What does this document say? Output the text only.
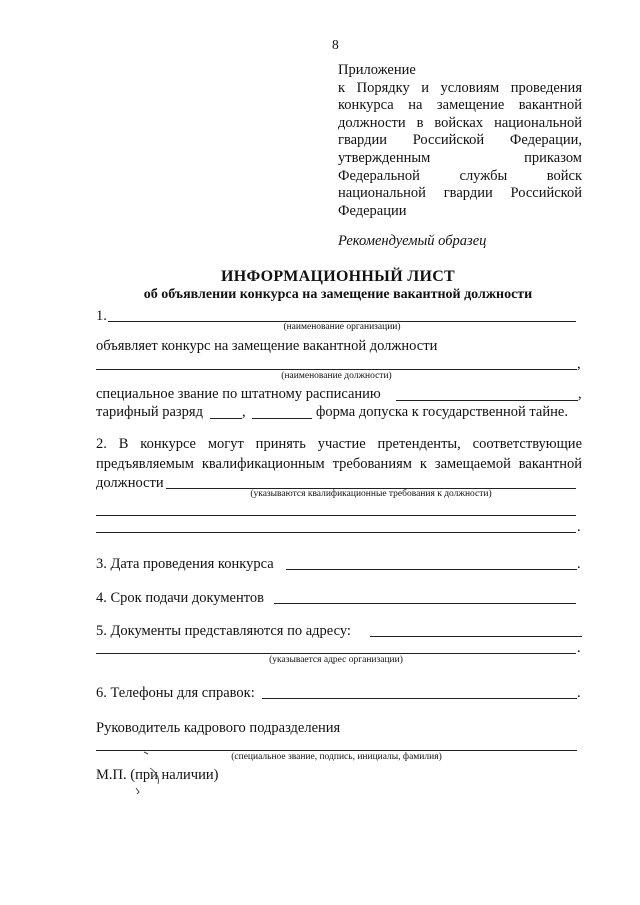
8
Приложение
к Порядку и условиям проведения
конкурса на замещение вакантной
должности в войсках национальной
гвардии Российской Федерации,
утвержденным приказом
Федеральной службы войск
национальной гвардии Российской
Федерации
Рекомендуемый образец
ИНФОРМАЦИОННЫЙ ЛИСТ
об объявлении конкурса на замещение вакантной должности
1.
(наименование организации)
объявляет конкурс на замещение вакантной должности
,
(наименование должности)
специальное звание по штатному расписанию	,
тарифный разряд	,	форма допуска к государственной тайне.
2. В конкурсе могут принять участие претенденты, соответствующие
предъявляемым квалификационным требованиям к замещаемой вакантной
должности
(указываются квалификационные требования к должности)
.
3. Дата проведения конкурса	.
4. Срок подачи документов
5. Документы представляются по адресу:
.
(указывается адрес организации)
6. Телефоны для справок:	.
Руководитель кадрового подразделения
(специальное звание, подпись, инициалы, фамилия)
М.П. (при наличии)
